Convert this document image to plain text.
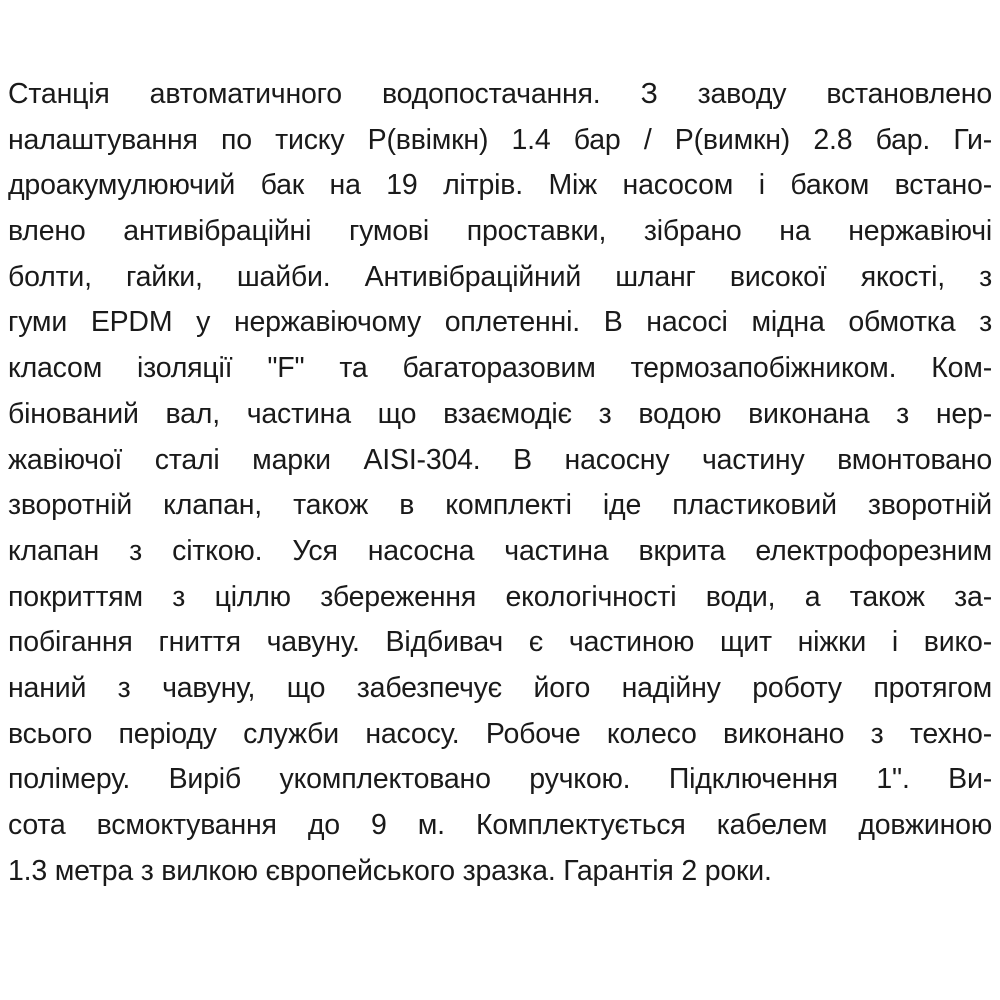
Станція автоматичного водопостачання. З заводу встановлено
налаштування по тиску Р(ввімкн) 1.4 бар / Р(вимкн) 2.8 бар. Ги-
дроакумулюючий бак на 19 літрів. Між насосом і баком встано-
влено антивібраційні гумові проставки, зібрано на нержавіючі
болти, гайки, шайби. Антивібраційний шланг високої якості, з
гуми EPDM у нержавіючому оплетенні. В насосі мідна обмотка з
класом ізоляції "F" та багаторазовим термозапобіжником. Ком-
бінований вал, частина що взаємодіє з водою виконана з нер-
жавіючої сталі марки AISI-304. В насосну частину вмонтовано
зворотній клапан, також в комплекті іде пластиковий зворотній
клапан з сіткою. Уся насосна частина вкрита електрофорезним
покриттям з ціллю збереження екологічності води, а також за-
побігання гниття чавуну. Відбивач є частиною щит ніжки і вико-
наний з чавуну, що забезпечує його надійну роботу протягом
всього періоду служби насосу. Робоче колесо виконано з техно-
полімеру. Виріб укомплектовано ручкою. Підключення 1". Ви-
сота всмоктування до 9 м. Комплектується кабелем довжиною
1.3 метра з вилкою європейського зразка. Гарантія 2 роки.
